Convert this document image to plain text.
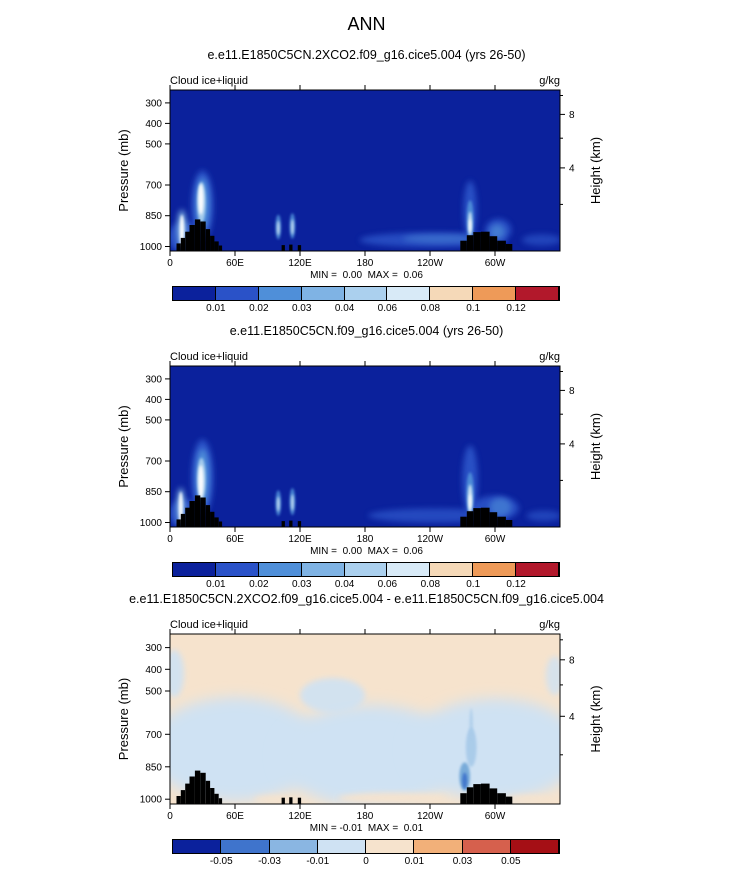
ANN
0	60E	120E	180	120W	60W
300
400
500
700
850
1000
8
4
Pressure (mb)	Height (km)
e.e11.E1850C5CN.2XCO2.f09_g16.cice5.004 (yrs 26-50)
Cloud ice+liquid	g/kg
MIN =  0.00  MAX =  0.06
0.01	0.02	0.03	0.04	0.06	0.08	0.1	0.12
0	60E	120E	180	120W	60W
300
400
500
700
850
1000
8
4
Pressure (mb)	Height (km)
e.e11.E1850C5CN.f09_g16.cice5.004 (yrs 26-50)
Cloud ice+liquid	g/kg
MIN =  0.00  MAX =  0.06
0.01	0.02	0.03	0.04	0.06	0.08	0.1	0.12
0	60E	120E	180	120W	60W
300
400
500
700
850
1000
8
4
Pressure (mb)	Height (km)
e.e11.E1850C5CN.2XCO2.f09_g16.cice5.004 - e.e11.E1850C5CN.f09_g16.cice5.004
Cloud ice+liquid	g/kg
MIN = -0.01  MAX =  0.01
-0.05	-0.03	-0.01	0	0.01	0.03	0.05
